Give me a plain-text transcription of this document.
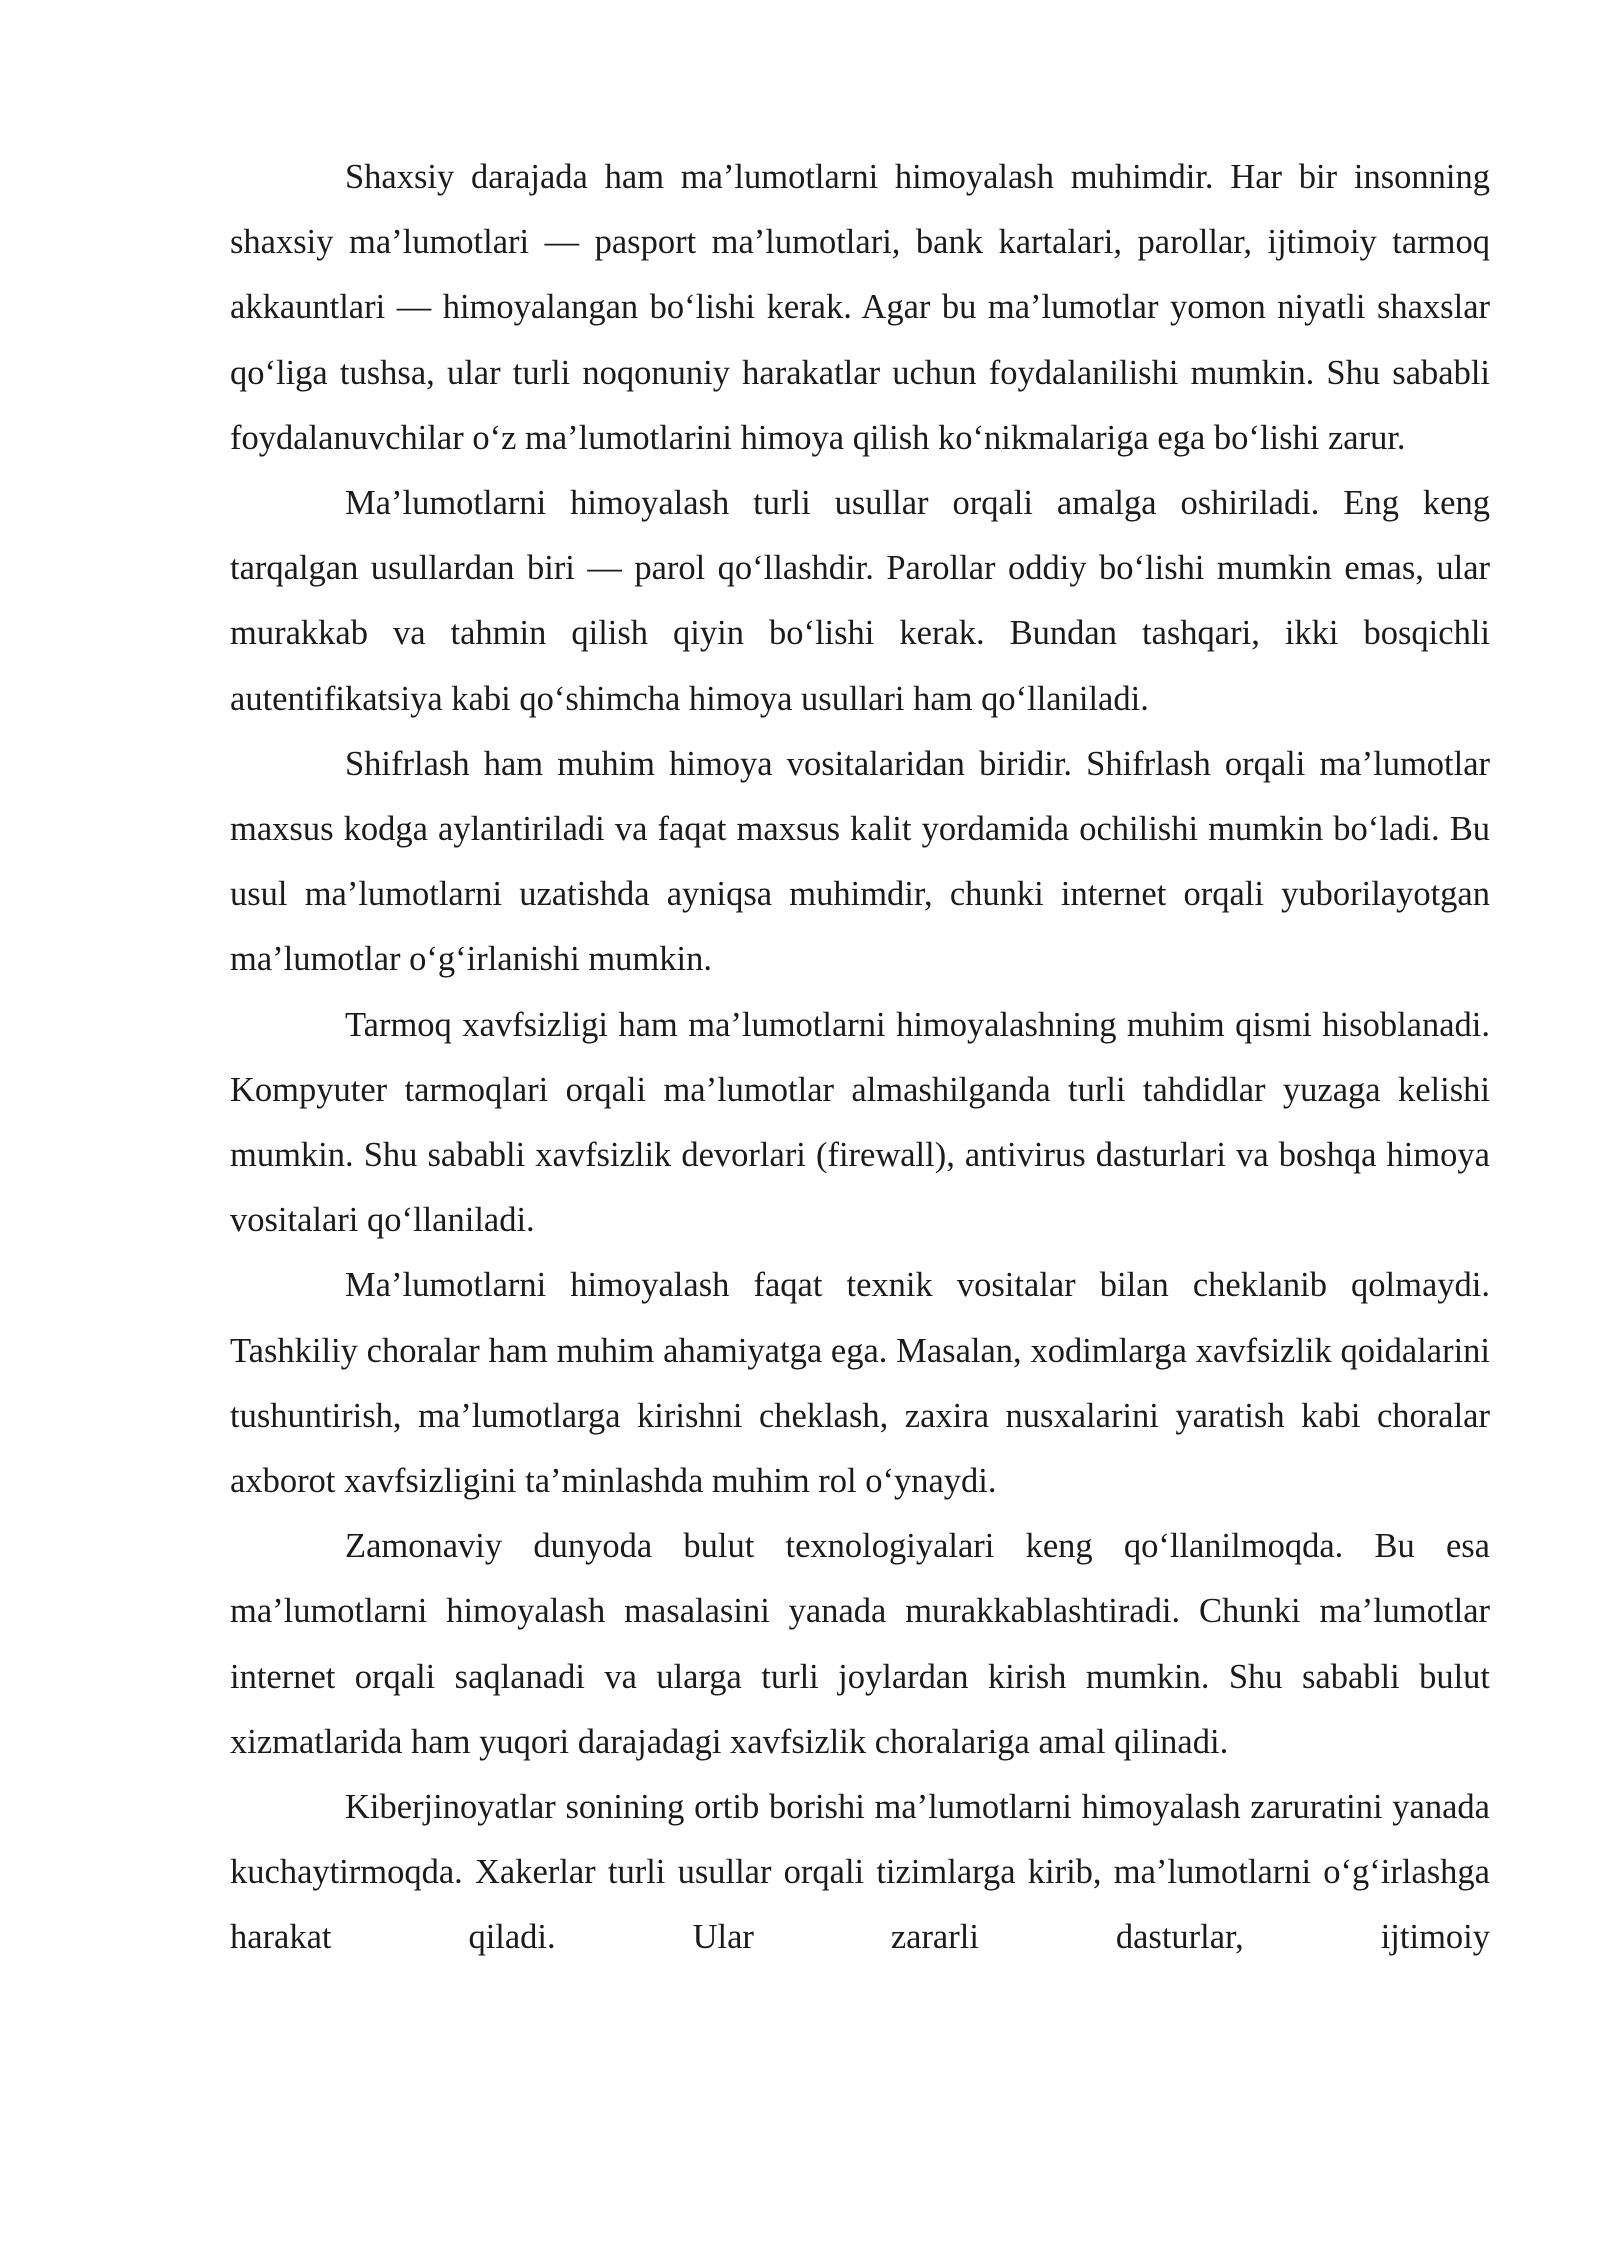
Shaxsiy darajada ham ma’lumotlarni himoyalash muhimdir. Har bir insonning shaxsiy ma’lumotlari — pasport ma’lumotlari, bank kartalari, parollar, ijtimoiy tarmoq akkauntlari — himoyalangan bo‘lishi kerak. Agar bu ma’lumotlar yomon niyatli shaxslar qo‘liga tushsa, ular turli noqonuniy harakatlar uchun foydalanilishi mumkin. Shu sababli foydalanuvchilar o‘z ma’lumotlarini himoya qilish ko‘nikmalariga ega bo‘lishi zarur.

Ma’lumotlarni himoyalash turli usullar orqali amalga oshiriladi. Eng keng tarqalgan usullardan biri — parol qo‘llashdir. Parollar oddiy bo‘lishi mumkin emas, ular murakkab va tahmin qilish qiyin bo‘lishi kerak. Bundan tashqari, ikki bosqichli autentifikatsiya kabi qo‘shimcha himoya usullari ham qo‘llaniladi.

Shifrlash ham muhim himoya vositalaridan biridir. Shifrlash orqali ma’lumotlar maxsus kodga aylantiriladi va faqat maxsus kalit yordamida ochilishi mumkin bo‘ladi. Bu usul ma’lumotlarni uzatishda ayniqsa muhimdir, chunki internet orqali yuborilayotgan ma’lumotlar o‘g‘irlanishi mumkin.

Tarmoq xavfsizligi ham ma’lumotlarni himoyalashning muhim qismi hisoblanadi. Kompyuter tarmoqlari orqali ma’lumotlar almashilganda turli tahdidlar yuzaga kelishi mumkin. Shu sababli xavfsizlik devorlari (firewall), antivirus dasturlari va boshqa himoya vositalari qo‘llaniladi.

Ma’lumotlarni himoyalash faqat texnik vositalar bilan cheklanib qolmaydi. Tashkiliy choralar ham muhim ahamiyatga ega. Masalan, xodimlarga xavfsizlik qoidalarini tushuntirish, ma’lumotlarga kirishni cheklash, zaxira nusxalarini yaratish kabi choralar axborot xavfsizligini ta’minlashda muhim rol o‘ynaydi.

Zamonaviy dunyoda bulut texnologiyalari keng qo‘llanilmoqda. Bu esa ma’lumotlarni himoyalash masalasini yanada murakkablashtiradi. Chunki ma’lumotlar internet orqali saqlanadi va ularga turli joylardan kirish mumkin. Shu sababli bulut xizmatlarida ham yuqori darajadagi xavfsizlik choralariga amal qilinadi.

Kiberjinoyatlar sonining ortib borishi ma’lumotlarni himoyalash zaruratini yanada kuchaytirmoqda. Xakerlar turli usullar orqali tizimlarga kirib, ma’lumotlarni o‘g‘irlashga harakat qiladi. Ular zararli dasturlar, ijtimoiy
